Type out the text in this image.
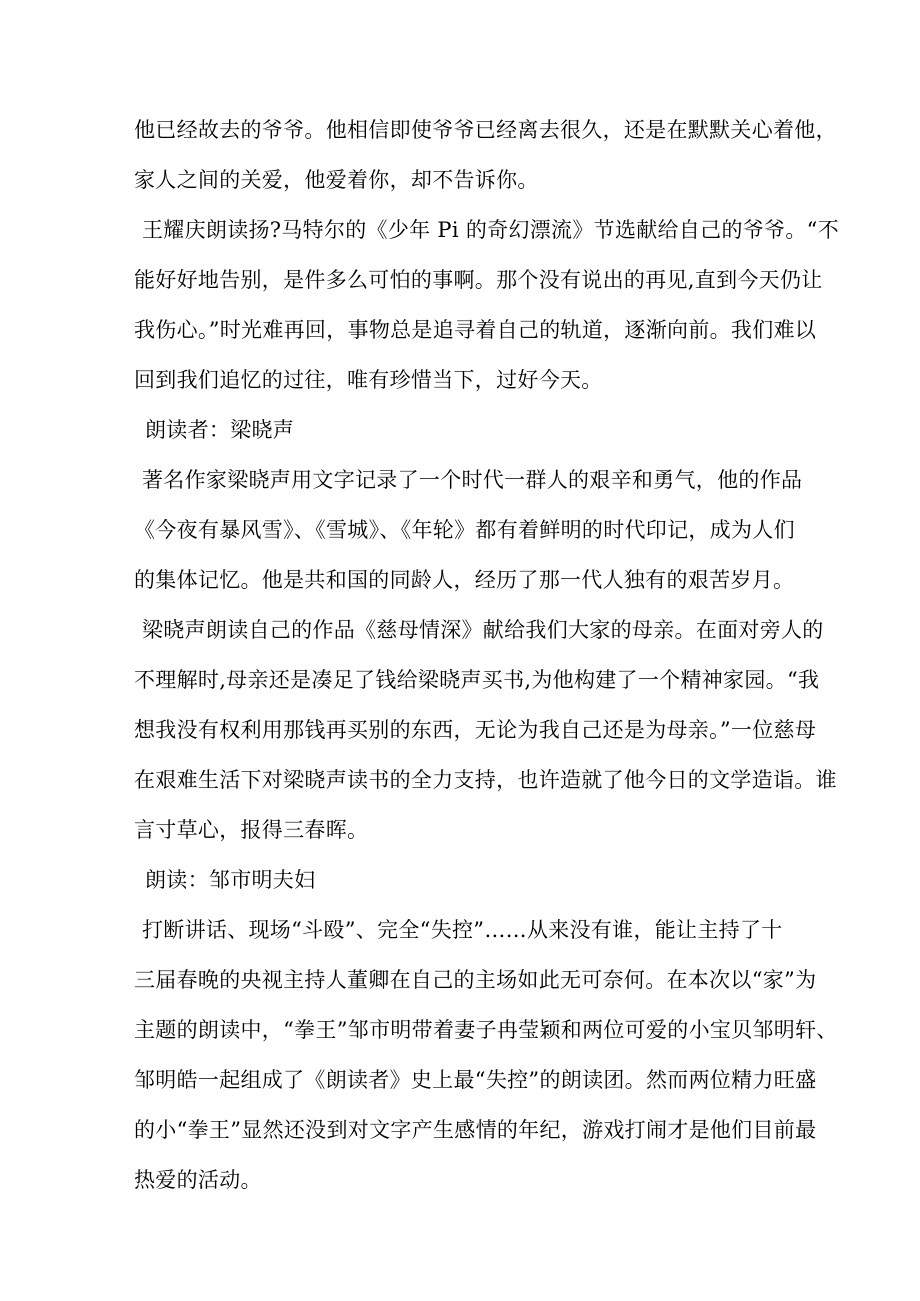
他已经故去的爷爷。他相信即使爷爷已经离去很久，还是在默默关心着他，

家人之间的关爱，他爱着你，却不告诉你。

王耀庆朗读扬?马特尔的《少年 Pi 的奇幻漂流》节选献给自己的爷爷。“不

能好好地告别，是件多么可怕的事啊。那个没有说出的再见,直到今天仍让

我伤心。”时光难再回，事物总是追寻着自己的轨道，逐渐向前。我们难以

回到我们追忆的过往，唯有珍惜当下，过好今天。

朗读者：梁晓声

著名作家梁晓声用文字记录了一个时代一群人的艰辛和勇气，他的作品

《今夜有暴风雪》、《雪城》、《年轮》都有着鲜明的时代印记，成为人们

的集体记忆。他是共和国的同龄人，经历了那一代人独有的艰苦岁月。

梁晓声朗读自己的作品《慈母情深》献给我们大家的母亲。在面对旁人的

不理解时,母亲还是凑足了钱给梁晓声买书,为他构建了一个精神家园。“我

想我没有权利用那钱再买别的东西，无论为我自己还是为母亲。”一位慈母

在艰难生活下对梁晓声读书的全力支持，也许造就了他今日的文学造诣。谁

言寸草心，报得三春晖。

朗读：邹市明夫妇

打断讲话、现场“斗殴”、完全“失控”……从来没有谁，能让主持了十

三届春晚的央视主持人董卿在自己的主场如此无可奈何。在本次以“家”为

主题的朗读中，“拳王”邹市明带着妻子冉莹颖和两位可爱的小宝贝邹明轩、

邹明皓一起组成了《朗读者》史上最“失控”的朗读团。然而两位精力旺盛

的小“拳王”显然还没到对文字产生感情的年纪，游戏打闹才是他们目前最

热爱的活动。
